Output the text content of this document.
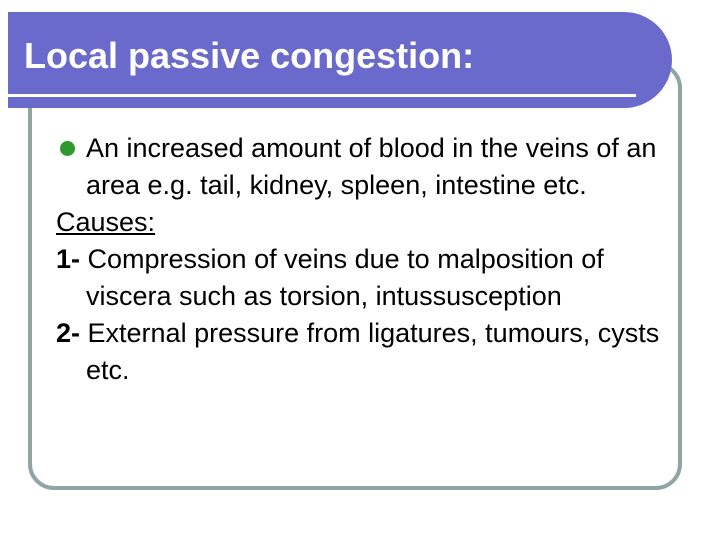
Local passive congestion:

An increased amount of blood in the veins of an area e.g. tail, kidney, spleen, intestine etc.

Causes:

1- Compression of veins due to malposition of viscera such as torsion, intussusception

2- External pressure from ligatures, tumours, cysts etc.
